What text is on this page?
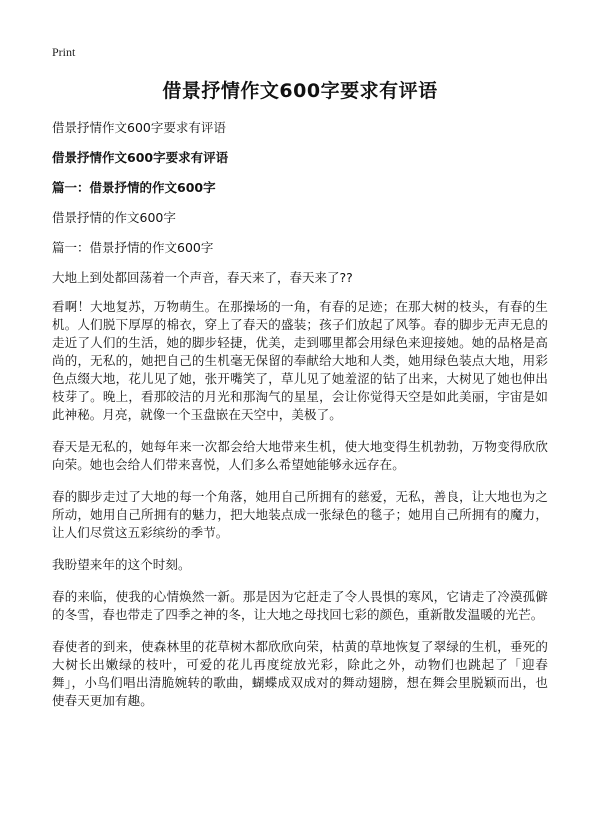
Print
借景抒情作文600字要求有评语
借景抒情作文600字要求有评语
借景抒情作文600字要求有评语
篇一：借景抒情的作文600字
借景抒情的作文600字
篇一：借景抒情的作文600字
大地上到处都回荡着一个声音，春天来了，春天来了??

看啊！大地复苏，万物萌生。在那操场的一角，有春的足迹；在那大树的枝头，有春的生机。人们脱下厚厚的棉衣，穿上了春天的盛装；孩子们放起了风筝。春的脚步无声无息的走近了人们的生活，她的脚步轻捷，优美，走到哪里都会用绿色来迎接她。她的品格是高尚的，无私的，她把自己的生机毫无保留的奉献给大地和人类，她用绿色装点大地，用彩色点缀大地，花儿见了她，张开嘴笑了，草儿见了她羞涩的钻了出来，大树见了她也伸出枝芽了。晚上，看那皎洁的月光和那淘气的星星，会让你觉得天空是如此美丽，宇宙是如此神秘。月亮，就像一个玉盘嵌在天空中，美极了。

春天是无私的，她每年来一次都会给大地带来生机，使大地变得生机勃勃，万物变得欣欣向荣。她也会给人们带来喜悦，人们多么希望她能够永远存在。

春的脚步走过了大地的每一个角落，她用自己所拥有的慈爱，无私，善良，让大地也为之所动，她用自己所拥有的魅力，把大地装点成一张绿色的毯子；她用自己所拥有的魔力，让人们尽赏这五彩缤纷的季节。

我盼望来年的这个时刻。

春的来临，使我的心情焕然一新。那是因为它赶走了令人畏惧的寒风，它请走了冷漠孤僻的冬雪，春也带走了四季之神的冬，让大地之母找回七彩的颜色，重新散发温暖的光芒。

春使者的到来，使森林里的花草树木都欣欣向荣，枯黄的草地恢复了翠绿的生机，垂死的大树长出嫩绿的枝叶，可爱的花儿再度绽放光彩，除此之外，动物们也跳起了「迎春舞」，小鸟们唱出清脆婉转的歌曲，蝴蝶成双成对的舞动翅膀，想在舞会里脱颖而出，也使春天更加有趣。
